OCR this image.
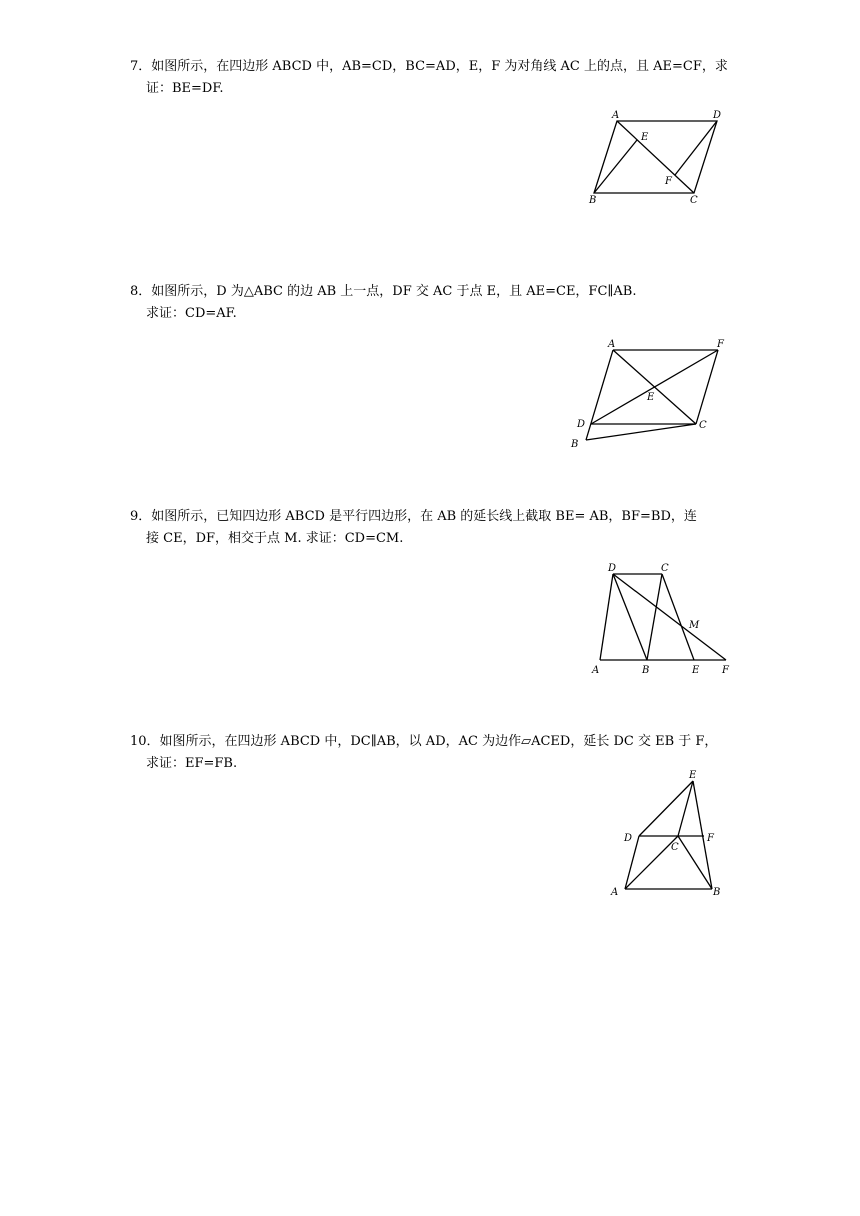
7．如图所示，在四边形 ABCD 中，AB=CD，BC=AD，E，F 为对角线 AC 上的点，且 AE=CF，求
证：BE=DF.
A	D
E
F
B	C
8．如图所示，D 为△ABC 的边 AB 上一点，DF 交 AC 于点 E，且 AE=CE，FC∥AB.
求证：CD=AF.
A	F
E
D	C
B
9．如图所示，已知四边形 ABCD 是平行四边形，在 AB 的延长线上截取 BE= AB，BF=BD，连
接 CE，DF，相交于点 M. 求证：CD=CM.
D	C
M
A	B	E F
10．如图所示，在四边形 ABCD 中，DC∥AB，以 AD，AC 为边作▱ACED，延长 DC 交 EB 于 F，
求证：EF=FB.
E
D	F
C
A	B
